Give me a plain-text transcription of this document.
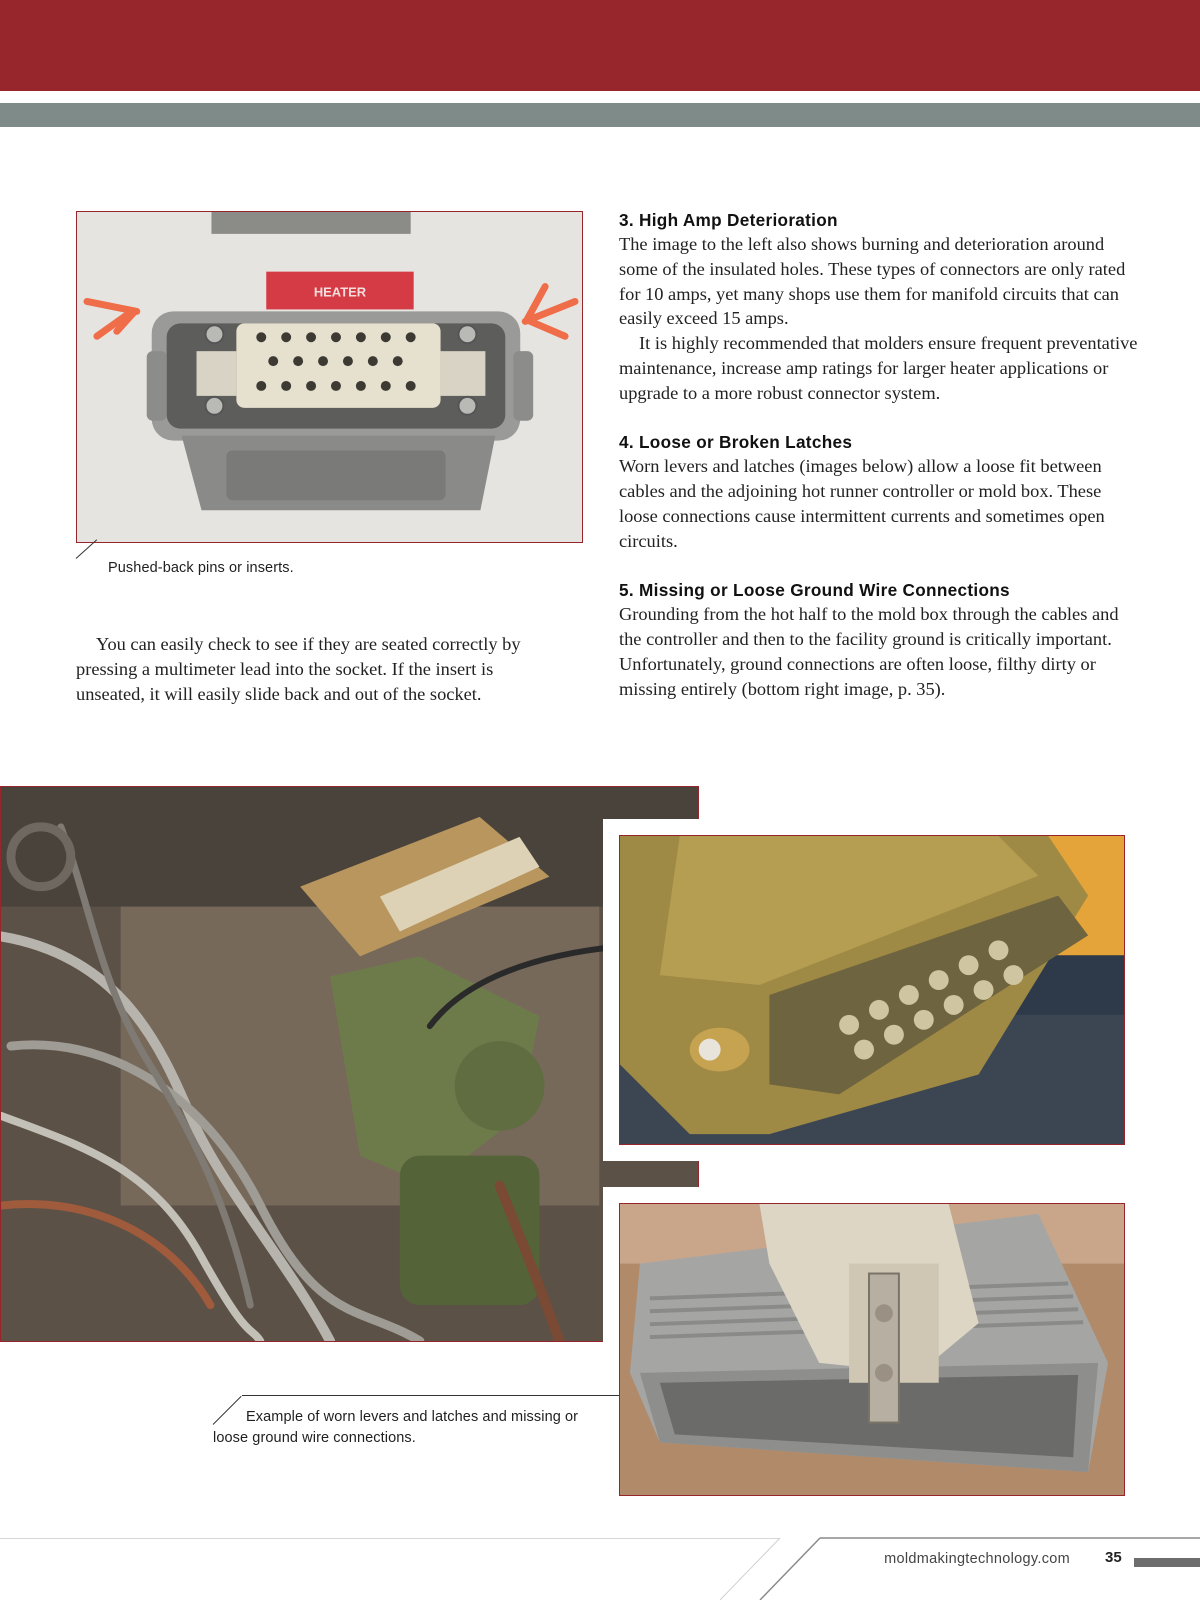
HEATER
Pushed-back pins or inserts.

You can easily check to see if they are seated correctly by pressing a multimeter lead into the socket. If the insert is unseated, it will easily slide back and out of the socket.

3. High Amp Deterioration

The image to the left also shows burning and deterioration around some of the insulated holes. These types of connectors are only rated for 10 amps, yet many shops use them for manifold circuits that can easily exceed 15 amps.

It is highly recommended that molders ensure frequent preventative maintenance, increase amp ratings for larger heater applications or upgrade to a more robust connector system.

4. Loose or Broken Latches

Worn levers and latches (images below) allow a loose fit between cables and the adjoining hot runner controller or mold box. These loose connections cause intermittent currents and sometimes open circuits.

5. Missing or Loose Ground Wire Connections

Grounding from the hot half to the mold box through the cables and the controller and then to the facility ground is critically important. Unfortunately, ground connections are often loose, filthy dirty or missing entirely (bottom right image, p. 35).

Example of worn levers and latches and missing or loose ground wire connections.
moldmakingtechnology.com 35
